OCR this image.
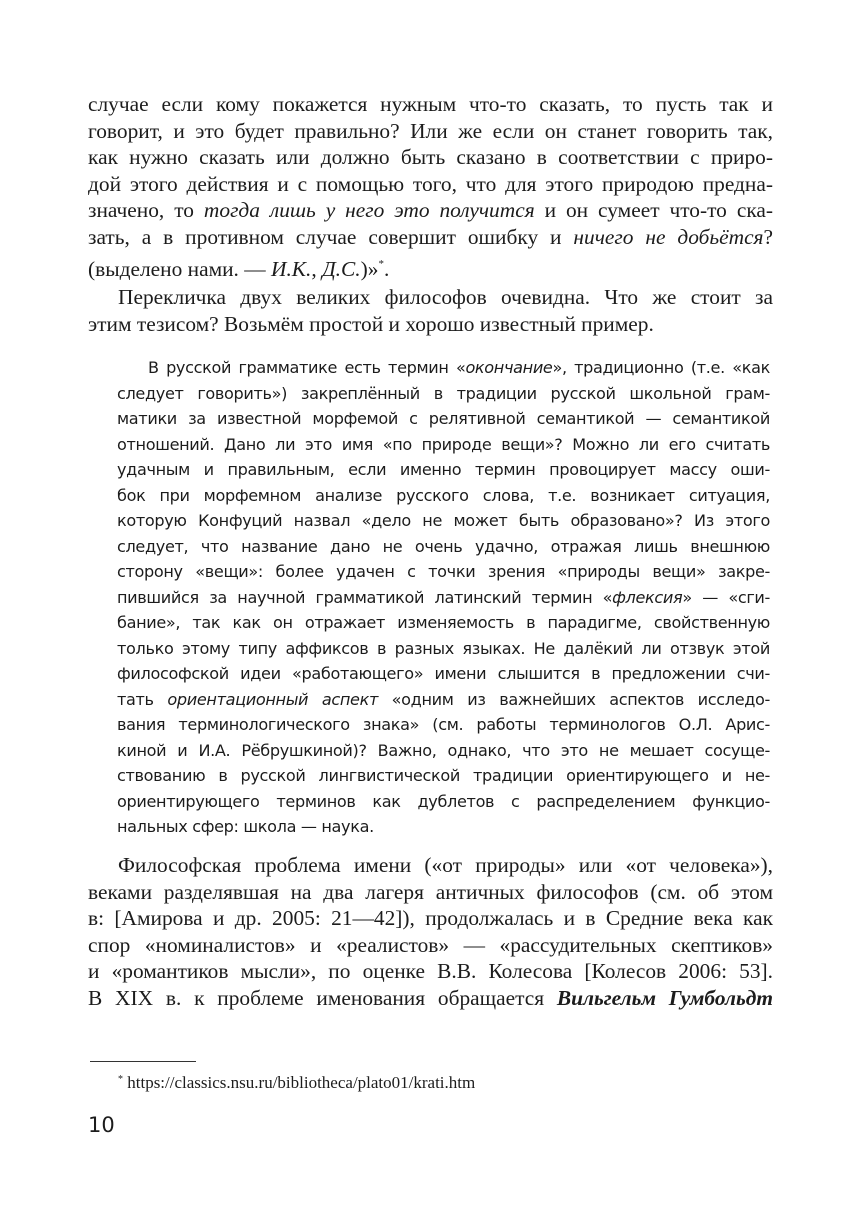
случае если кому покажется нужным что-то сказать, то пусть так и
говорит, и это будет правильно? Или же если он станет говорить так,
как нужно сказать или должно быть сказано в соответствии с приро-
дой этого действия и с помощью того, что для этого природою предна-
значено, то тогда лишь у него это получится и он сумеет что-то ска-
зать, а в противном случае совершит ошибку и ничего не добьётся?
(выделено нами. — И.К., Д.С.)»*.
Перекличка двух великих философов очевидна. Что же стоит за
этим тезисом? Возьмём простой и хорошо известный пример.
В русской грамматике есть термин «окончание», традиционно (т.е. «как
следует говорить») закреплённый в традиции русской школьной грам-
матики за известной морфемой с релятивной семантикой — семантикой
отношений. Дано ли это имя «по природе вещи»? Можно ли его считать
удачным и правильным, если именно термин провоцирует массу оши-
бок при морфемном анализе русского слова, т.е. возникает ситуация,
которую Конфуций назвал «дело не может быть образовано»? Из этого
следует, что название дано не очень удачно, отражая лишь внешнюю
сторону «вещи»: более удачен с точки зрения «природы вещи» закре-
пившийся за научной грамматикой латинский термин «флексия» — «сги-
бание», так как он отражает изменяемость в парадигме, свойственную
только этому типу аффиксов в разных языках. Не далёкий ли отзвук этой
философской идеи «работающего» имени слышится в предложении счи-
тать ориентационный аспект «одним из важнейших аспектов исследо-
вания терминологического знака» (см. работы терминологов О.Л. Арис-
киной и И.А. Рёбрушкиной)? Важно, однако, что это не мешает сосуще-
ствованию в русской лингвистической традиции ориентирующего и не-
ориентирующего терминов как дублетов с распределением функцио-
нальных сфер: школа — наука.
Философская проблема имени («от природы» или «от человека»),
веками разделявшая на два лагеря античных философов (см. об этом
в: [Амирова и др. 2005: 21—42]), продолжалась и в Средние века как
спор «номиналистов» и «реалистов» — «рассудительных скептиков»
и «романтиков мысли», по оценке В.В. Колесова [Колесов 2006: 53].
В XIX в. к проблеме именования обращается Вильгельм Гумбольдт
* https://classics.nsu.ru/bibliotheca/plato01/krati.htm
10
